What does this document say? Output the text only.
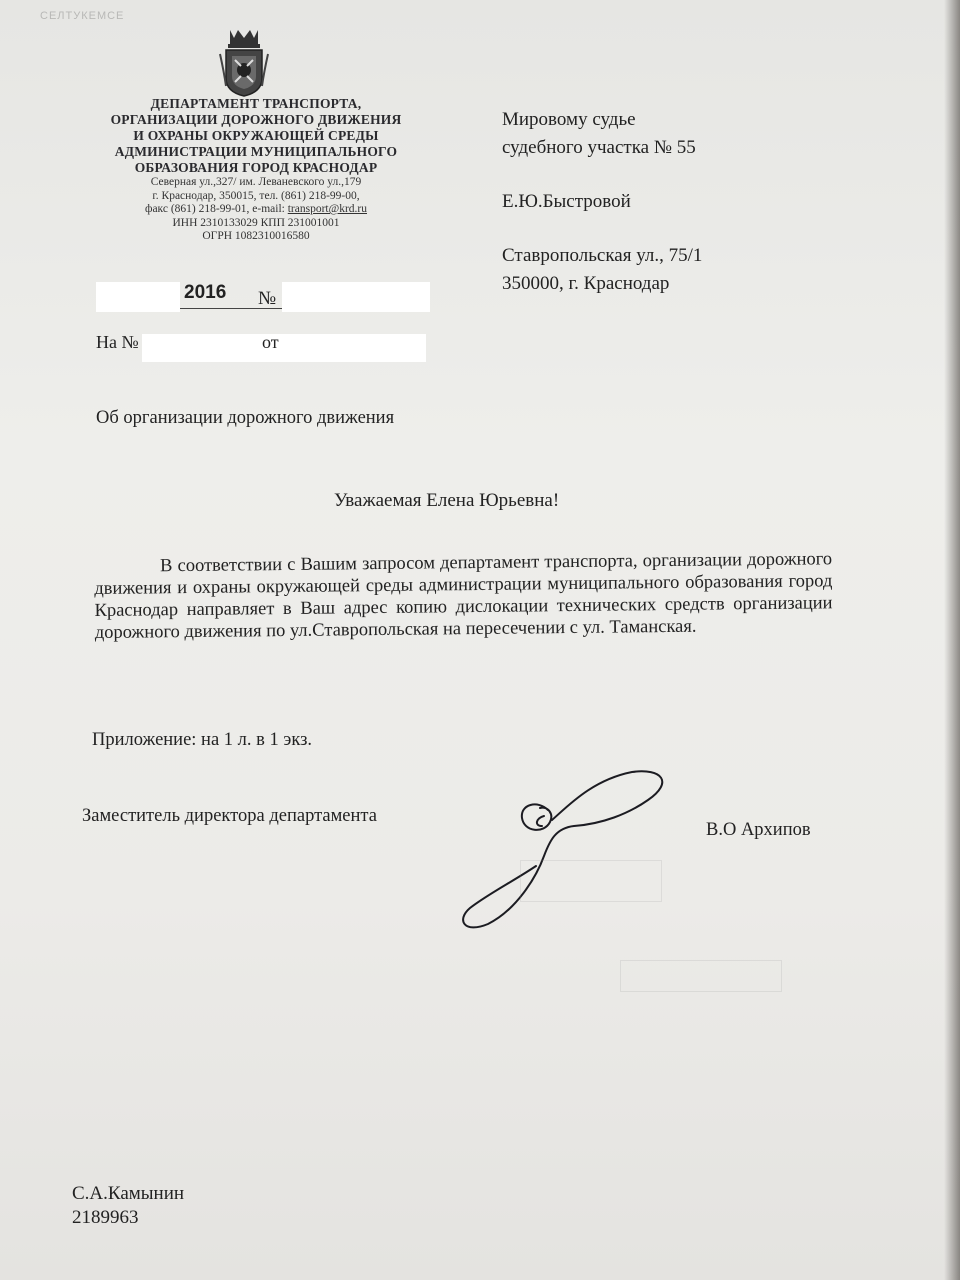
СЕЛТУКЕМСЕ
ДЕПАРТАМЕНТ ТРАНСПОРТА,
ОРГАНИЗАЦИИ ДОРОЖНОГО ДВИЖЕНИЯ
И ОХРАНЫ ОКРУЖАЮЩЕЙ СРЕДЫ
АДМИНИСТРАЦИИ МУНИЦИПАЛЬНОГО
ОБРАЗОВАНИЯ ГОРОД КРАСНОДАР
Северная ул.,327/ им. Леваневского ул.,179
г. Краснодар, 350015, тел. (861) 218-99-00,
факс (861) 218-99-01, e-mail: transport@krd.ru
ИНН 2310133029 КПП 231001001
ОГРН 1082310016580
Мировому судье
судебного участка № 55
Е.Ю.Быстровой
Ставропольская ул., 75/1
350000, г. Краснодар
2016 №
На №	от
Об организации дорожного движения
Уважаемая Елена Юрьевна!
В соответствии с Вашим запросом департамент транспорта, организации дорожного движения и охраны окружающей среды администрации муниципального образования город Краснодар направляет в Ваш адрес копию дислокации технических средств организации дорожного движения по ул.Ставропольская на пересечении с ул. Таманская.
Приложение: на 1 л. в 1 экз.
Заместитель директора департамента
В.О Архипов
С.А.Камынин
2189963
